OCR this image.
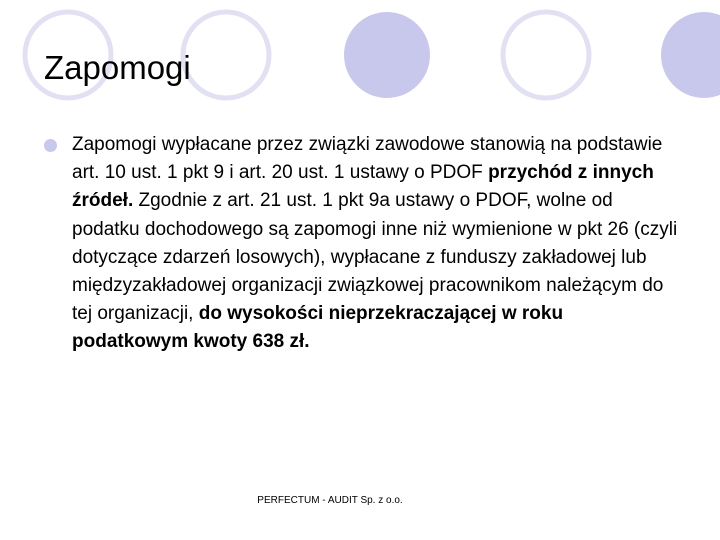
Zapomogi

Zapomogi wypłacane przez związki zawodowe stanowią na podstawie art. 10 ust. 1 pkt 9 i art. 20 ust. 1 ustawy o PDOF przychód z innych źródeł. Zgodnie z art. 21 ust. 1 pkt 9a ustawy o PDOF, wolne od podatku dochodowego są zapomogi inne niż wymienione w pkt 26 (czyli dotyczące zdarzeń losowych), wypłacane z funduszy zakładowej lub międzyzakładowej organizacji związkowej pracownikom należącym do tej organizacji, do wysokości nieprzekraczającej w roku podatkowym kwoty 638 zł.

PERFECTUM - AUDIT Sp. z o.o.
